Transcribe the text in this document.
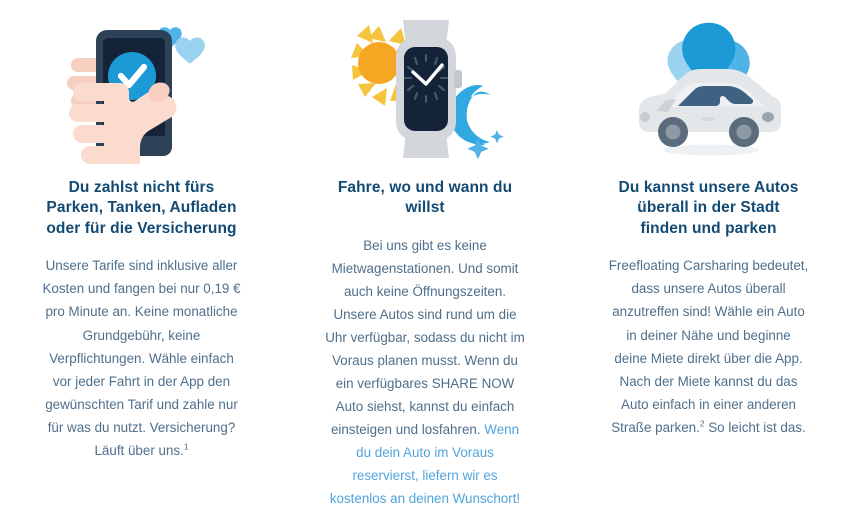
Du zahlst nicht fürs Parken, Tanken, Aufladen oder für die Versicherung

Unsere Tarife sind inklusive aller Kosten und fangen bei nur 0,19 € pro Minute an. Keine monatliche Grundgebühr, keine Verpflichtungen. Wähle einfach vor jeder Fahrt in der App den gewünschten Tarif und zahle nur für was du nutzt. Versicherung? Läuft über uns.$^1$

Fahre, wo und wann du willst

Bei uns gibt es keine Mietwagenstationen. Und somit auch keine Öffnungszeiten. Unsere Autos sind rund um die Uhr verfügbar, sodass du nicht im Voraus planen musst. Wenn du ein verfügbares SHARE NOW Auto siehst, kannst du einfach einsteigen und losfahren. Wenn du dein Auto im Voraus reservierst, liefern wir es kostenlos an deinen Wunschort!

Du kannst unsere Autos überall in der Stadt finden und parken

Freefloating Carsharing bedeutet, dass unsere Autos überall anzutreffen sind! Wähle ein Auto in deiner Nähe und beginne deine Miete direkt über die App. Nach der Miete kannst du das Auto einfach in einer anderen Straße parken.$^2$ So leicht ist das.
